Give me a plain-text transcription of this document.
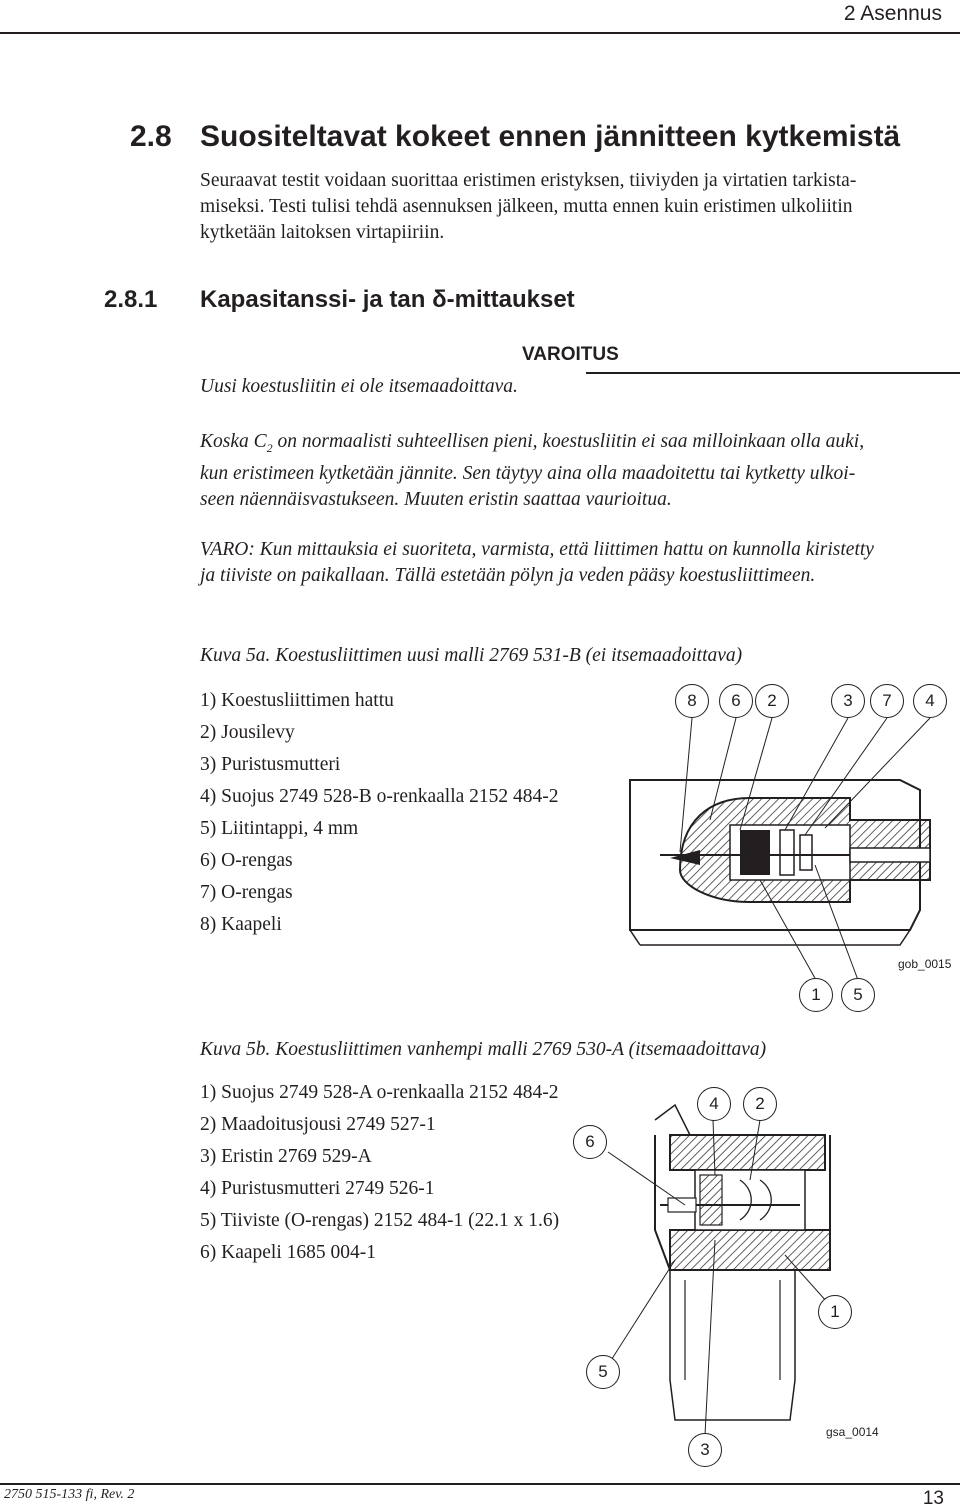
2 Asennus
2.8 Suositeltavat kokeet ennen jännitteen kytkemistä
Seuraavat testit voidaan suorittaa eristimen eristyksen, tiiviyden ja virtatien tarkista-
miseksi. Testi tulisi tehdä asennuksen jälkeen, mutta ennen kuin eristimen ulkoliitin
kytketään laitoksen virtapiiriin.
2.8.1 Kapasitanssi- ja tan δ-mittaukset
VAROITUS
Uusi koestusliitin ei ole itsemaadoittava.
Koska $C_2$ on normaalisti suhteellisen pieni, koestusliitin ei saa milloinkaan olla auki,
kun eristimeen kytketään jännite. Sen täytyy aina olla maadoitettu tai kytketty ulkoi-
seen näennäisvastukseen. Muuten eristin saattaa vaurioitua.
VARO: Kun mittauksia ei suoriteta, varmista, että liittimen hattu on kunnolla kiristetty
ja tiiviste on paikallaan. Tällä estetään pölyn ja veden pääsy koestusliittimeen.
Kuva 5a. Koestusliittimen uusi malli 2769 531-B (ei itsemaadoittava)
1) Koestusliittimen hattu
2) Jousilevy
3) Puristusmutteri
4) Suojus 2749 528-B o-renkaalla 2152 484-2
5) Liitintappi, 4 mm
6) O-rengas
7) O-rengas
8) Kaapeli
8	6	2	3	7	4
1	5
gob_0015
Kuva 5b. Koestusliittimen vanhempi malli 2769 530-A (itsemaadoittava)
1) Suojus 2749 528-A o-renkaalla 2152 484-2
2) Maadoitusjousi 2749 527-1
3) Eristin 2769 529-A
4) Puristusmutteri 2749 526-1
5) Tiiviste (O-rengas) 2152 484-1 (22.1 x 1.6)
6) Kaapeli 1685 004-1
4	2
6
1
5
3
gsa_0014
2750 515-133 fi, Rev. 2	13
